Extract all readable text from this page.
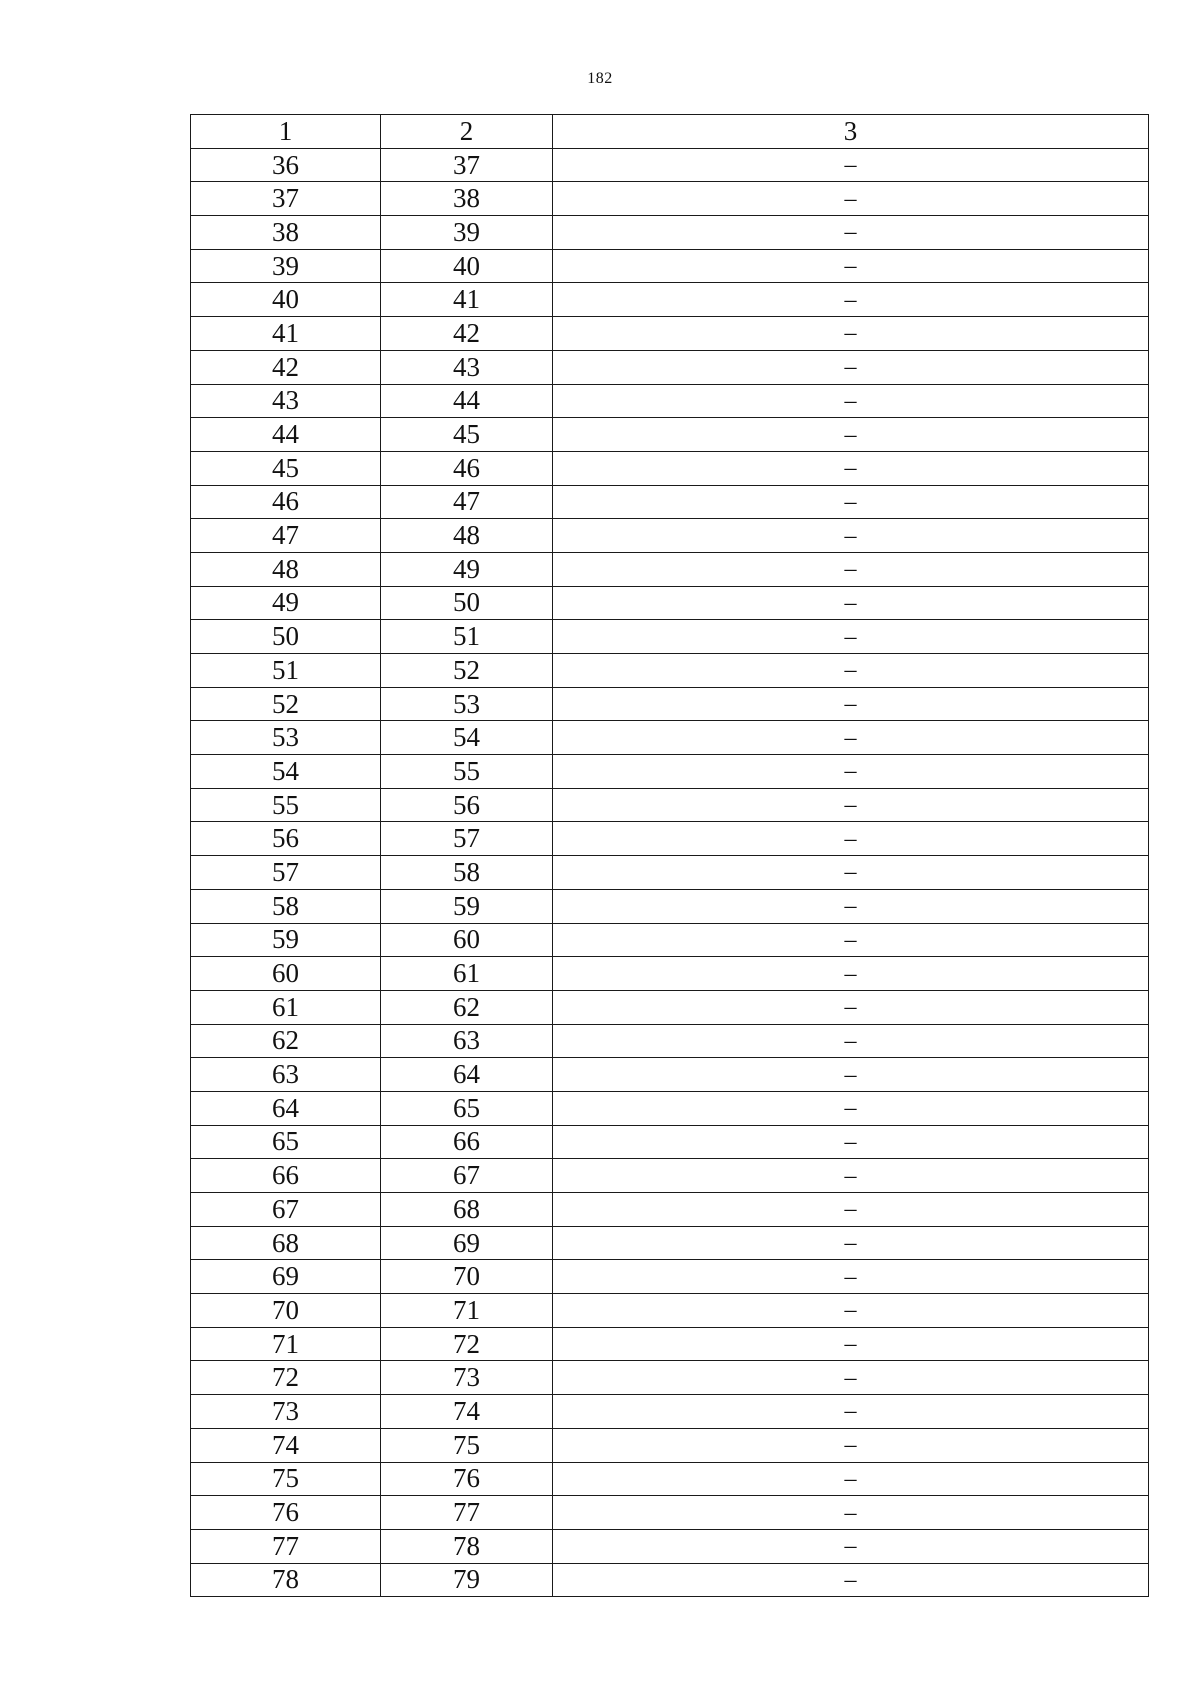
182
1	2	3
36	37	–
37	38	–
38	39	–
39	40	–
40	41	–
41	42	–
42	43	–
43	44	–
44	45	–
45	46	–
46	47	–
47	48	–
48	49	–
49	50	–
50	51	–
51	52	–
52	53	–
53	54	–
54	55	–
55	56	–
56	57	–
57	58	–
58	59	–
59	60	–
60	61	–
61	62	–
62	63	–
63	64	–
64	65	–
65	66	–
66	67	–
67	68	–
68	69	–
69	70	–
70	71	–
71	72	–
72	73	–
73	74	–
74	75	–
75	76	–
76	77	–
77	78	–
78	79	–
